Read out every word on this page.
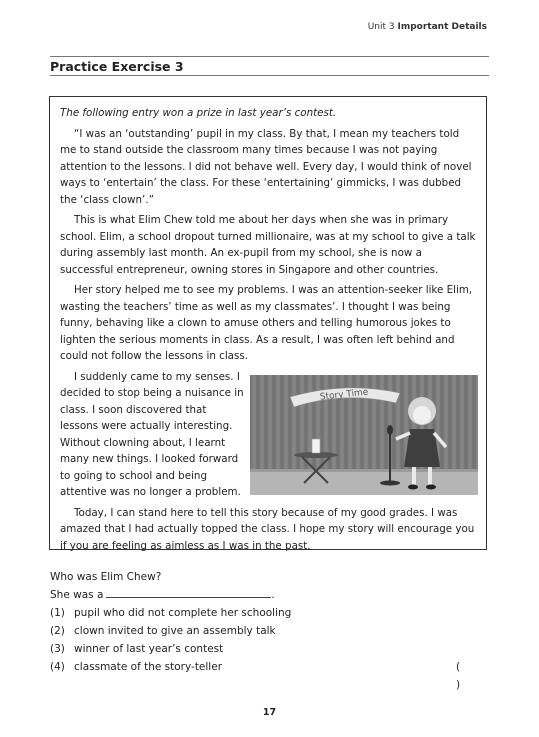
Unit 3 Important Details
Practice Exercise 3

The following entry won a prize in last year’s contest.

“I was an ‘outstanding’ pupil in my class. By that, I mean my teachers told me to stand outside the classroom many times because I was not paying attention to the lessons. I did not behave well. Every day, I would think of novel ways to ‘entertain’ the class. For these ‘entertaining’ gimmicks, I was dubbed the ‘class clown’.”

This is what Elim Chew told me about her days when she was in primary school. Elim, a school dropout turned millionaire, was at my school to give a talk during assembly last month. An ex-pupil from my school, she is now a successful entrepreneur, owning stores in Singapore and other countries.

Her story helped me to see my problems. I was an attention-seeker like Elim, wasting the teachers’ time as well as my classmates’. I thought I was being funny, behaving like a clown to amuse others and telling humorous jokes to lighten the serious moments in class. As a result, I was often left behind and could not follow the lessons in class.

Story Time

I suddenly came to my senses. I decided to stop being a nuisance in class. I soon discovered that lessons were actually interesting. Without clowning about, I learnt many new things. I looked forward to going to school and being attentive was no longer a problem.

Today, I can stand here to tell this story because of my good grades. I was amazed that I had actually topped the class. I hope my story will encourage you if you are feeling as aimless as I was in the past.

Who was Elim Chew?
She was a	.
(1) pupil who did not complete her schooling
(2) clown invited to give an assembly talk
(3) winner of last year’s contest
(4) classmate of the story-teller	( )
17
